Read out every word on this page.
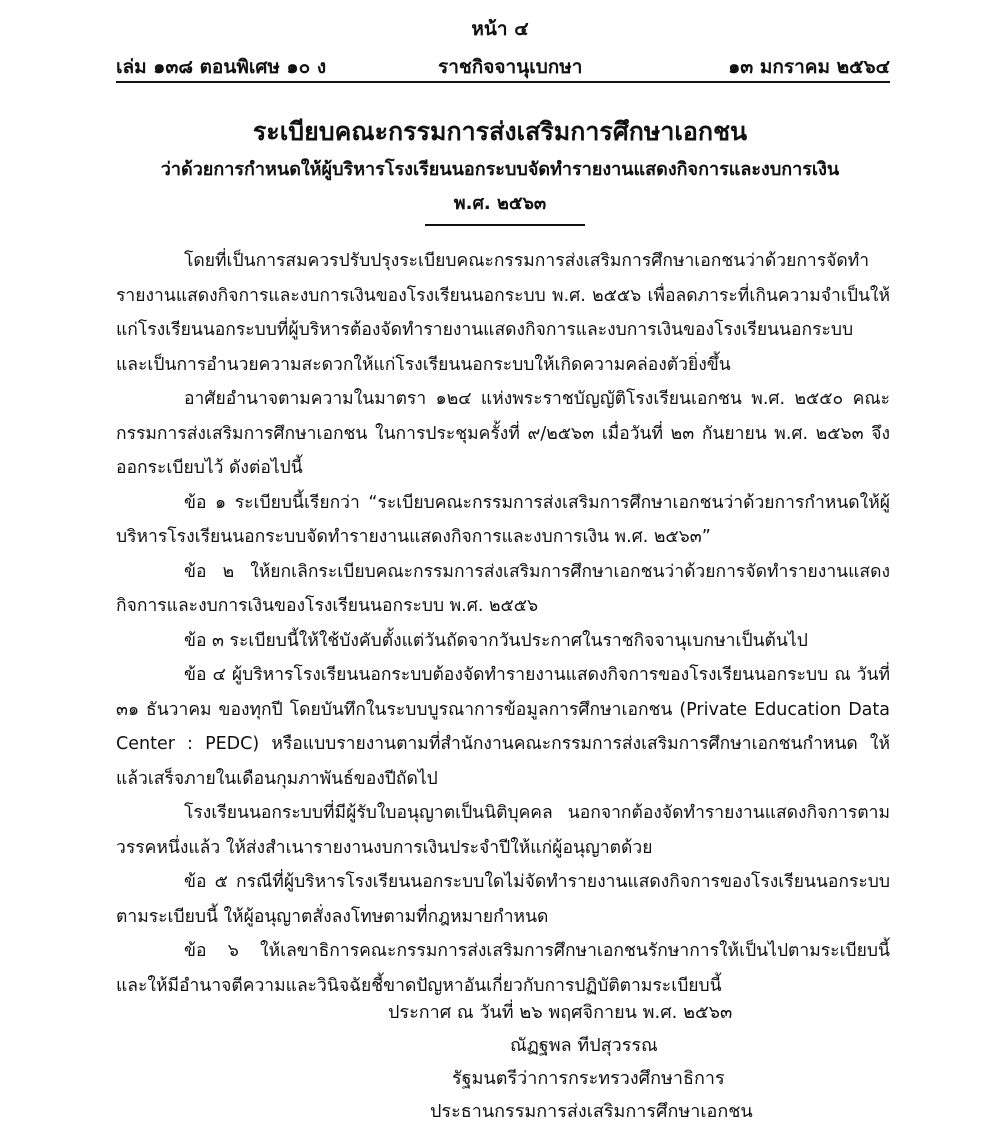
หน้า ๔
เล่ม ๑๓๘ ตอนพิเศษ ๑๐ ง	ราชกิจจานุเบกษา	๑๓ มกราคม ๒๕๖๔
ระเบียบคณะกรรมการส่งเสริมการศึกษาเอกชน
ว่าด้วยการกำหนดให้ผู้บริหารโรงเรียนนอกระบบจัดทำรายงานแสดงกิจการและงบการเงิน
พ.ศ. ๒๕๖๓

โดยที่เป็นการสมควรปรับปรุงระเบียบคณะกรรมการส่งเสริมการศึกษาเอกชนว่าด้วยการจัดทำรายงานแสดงกิจการและงบการเงินของโรงเรียนนอกระบบ พ.ศ. ๒๕๕๖ เพื่อลดภาระที่เกินความจำเป็นให้แก่โรงเรียนนอกระบบที่ผู้บริหารต้องจัดทำรายงานแสดงกิจการและงบการเงินของโรงเรียนนอกระบบ และเป็นการอำนวยความสะดวกให้แก่โรงเรียนนอกระบบให้เกิดความคล่องตัวยิ่งขึ้น

อาศัยอำนาจตามความในมาตรา ๑๒๔ แห่งพระราชบัญญัติโรงเรียนเอกชน พ.ศ. ๒๕๕๐ คณะกรรมการส่งเสริมการศึกษาเอกชน ในการประชุมครั้งที่ ๙/๒๕๖๓ เมื่อวันที่ ๒๓ กันยายน พ.ศ. ๒๕๖๓ จึงออกระเบียบไว้ ดังต่อไปนี้

ข้อ ๑ ระเบียบนี้เรียกว่า “ระเบียบคณะกรรมการส่งเสริมการศึกษาเอกชนว่าด้วยการกำหนดให้ผู้บริหารโรงเรียนนอกระบบจัดทำรายงานแสดงกิจการและงบการเงิน พ.ศ. ๒๕๖๓”

ข้อ ๒ ให้ยกเลิกระเบียบคณะกรรมการส่งเสริมการศึกษาเอกชนว่าด้วยการจัดทำรายงานแสดงกิจการและงบการเงินของโรงเรียนนอกระบบ พ.ศ. ๒๕๕๖

ข้อ ๓ ระเบียบนี้ให้ใช้บังคับตั้งแต่วันถัดจากวันประกาศในราชกิจจานุเบกษาเป็นต้นไป

ข้อ ๔ ผู้บริหารโรงเรียนนอกระบบต้องจัดทำรายงานแสดงกิจการของโรงเรียนนอกระบบ ณ วันที่ ๓๑ ธันวาคม ของทุกปี โดยบันทึกในระบบบูรณาการข้อมูลการศึกษาเอกชน (Private Education Data Center : PEDC) หรือแบบรายงานตามที่สำนักงานคณะกรรมการส่งเสริมการศึกษาเอกชนกำหนด ให้แล้วเสร็จภายในเดือนกุมภาพันธ์ของปีถัดไป

โรงเรียนนอกระบบที่มีผู้รับใบอนุญาตเป็นนิติบุคคล นอกจากต้องจัดทำรายงานแสดงกิจการตามวรรคหนึ่งแล้ว ให้ส่งสำเนารายงานงบการเงินประจำปีให้แก่ผู้อนุญาตด้วย

ข้อ ๕ กรณีที่ผู้บริหารโรงเรียนนอกระบบใดไม่จัดทำรายงานแสดงกิจการของโรงเรียนนอกระบบตามระเบียบนี้ ให้ผู้อนุญาตสั่งลงโทษตามที่กฎหมายกำหนด

ข้อ ๖ ให้เลขาธิการคณะกรรมการส่งเสริมการศึกษาเอกชนรักษาการให้เป็นไปตามระเบียบนี้ และให้มีอำนาจตีความและวินิจฉัยชี้ขาดปัญหาอันเกี่ยวกับการปฏิบัติตามระเบียบนี้

ประกาศ ณ วันที่ ๒๖ พฤศจิกายน พ.ศ. ๒๕๖๓
ณัฏฐพล ทีปสุวรรณ
รัฐมนตรีว่าการกระทรวงศึกษาธิการ
ประธานกรรมการส่งเสริมการศึกษาเอกชน
